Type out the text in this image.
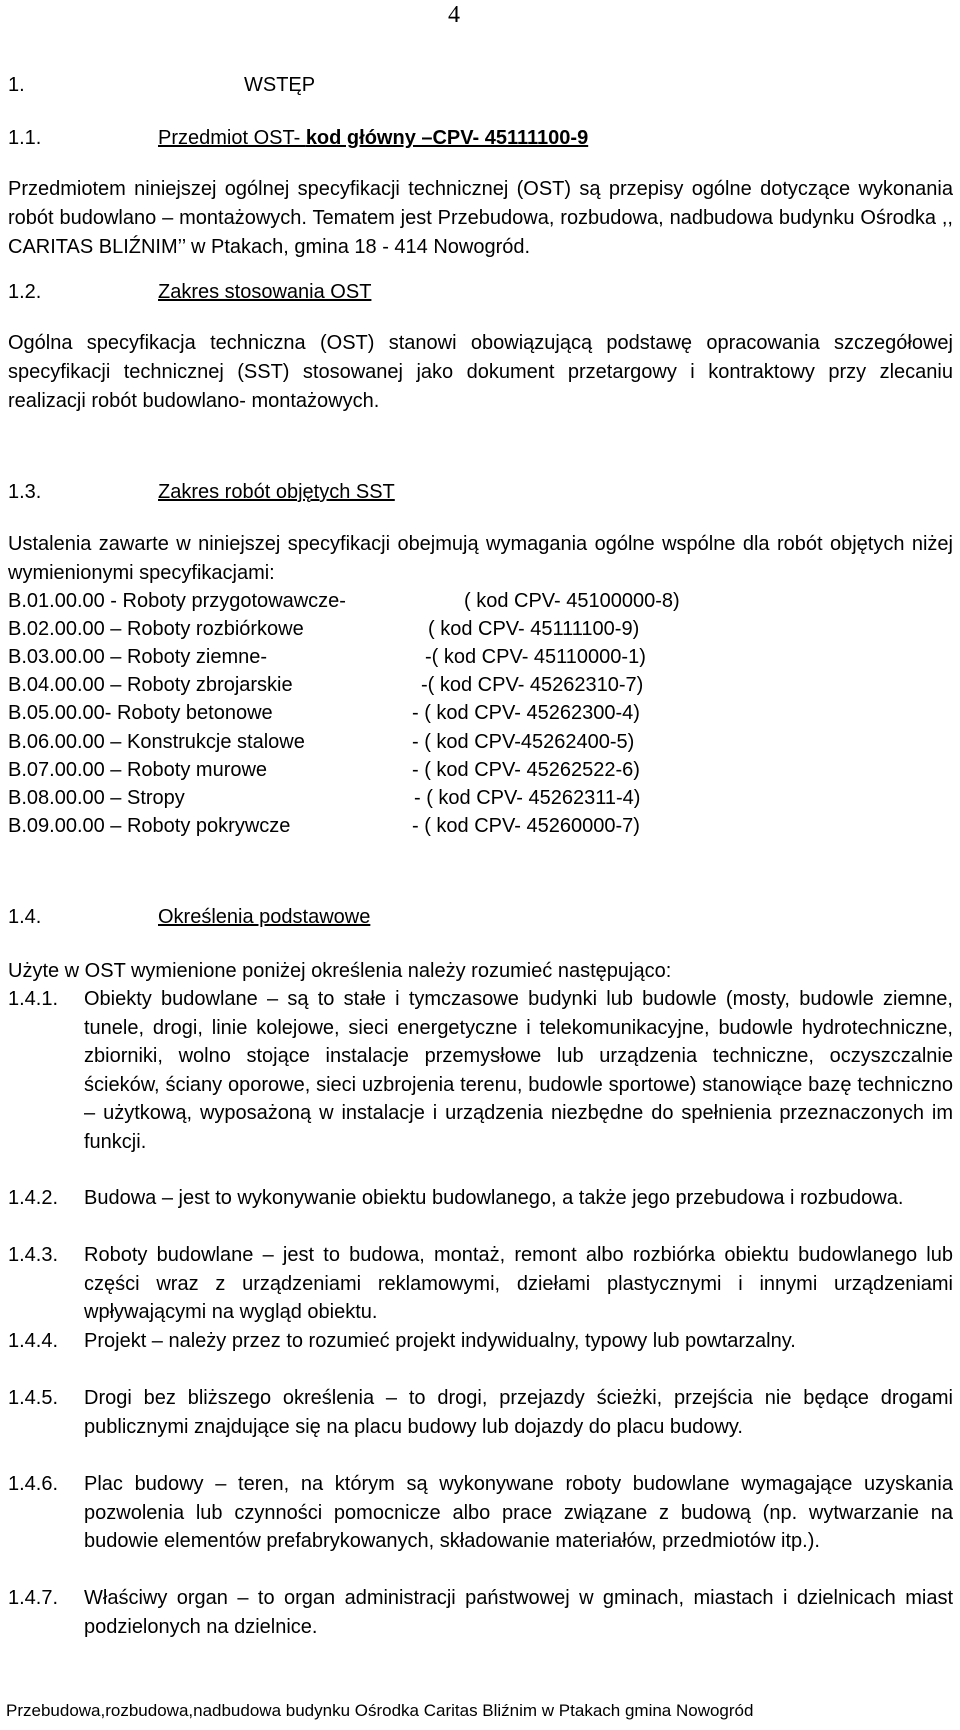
4
1.	WSTĘP
1.1.	Przedmiot OST- kod główny –CPV- 45111100-9
Przedmiotem niniejszej ogólnej specyfikacji technicznej (OST) są przepisy ogólne dotyczące wykonania robót budowlano – montażowych. Tematem jest Przebudowa, rozbudowa, nadbudowa budynku Ośrodka ,, CARITAS BLIŹNIM’’ w Ptakach, gmina 18 - 414 Nowogród.
1.2.	Zakres stosowania OST
Ogólna specyfikacja techniczna (OST) stanowi obowiązującą podstawę opracowania szczegółowej specyfikacji technicznej (SST) stosowanej jako dokument przetargowy i kontraktowy przy zlecaniu realizacji robót budowlano- montażowych.
1.3.	Zakres robót objętych SST
Ustalenia zawarte w niniejszej specyfikacji obejmują wymagania ogólne wspólne dla robót objętych niżej wymienionymi specyfikacjami:
B.01.00.00 - Roboty przygotowawcze-	( kod CPV- 45100000-8)
B.02.00.00 – Roboty rozbiórkowe	( kod CPV- 45111100-9)
B.03.00.00 – Roboty ziemne-	-( kod CPV- 45110000-1)
B.04.00.00 – Roboty zbrojarskie	-( kod CPV- 45262310-7)
B.05.00.00- Roboty betonowe	- ( kod CPV- 45262300-4)
B.06.00.00 – Konstrukcje stalowe	- ( kod CPV-45262400-5)
B.07.00.00 – Roboty murowe	- ( kod CPV- 45262522-6)
B.08.00.00 – Stropy	- ( kod CPV- 45262311-4)
B.09.00.00 – Roboty pokrywcze	- ( kod CPV- 45260000-7)
1.4.	Określenia podstawowe
Użyte w OST wymienione poniżej określenia należy rozumieć następująco:
1.4.1. Obiekty budowlane – są to stałe i tymczasowe budynki lub budowle (mosty, budowle ziemne, tunele, drogi, linie kolejowe, sieci energetyczne i telekomunikacyjne, budowle hydrotechniczne, zbiorniki, wolno stojące instalacje przemysłowe lub urządzenia techniczne, oczyszczalnie ścieków, ściany oporowe, sieci uzbrojenia terenu, budowle sportowe) stanowiące bazę techniczno – użytkową, wyposażoną w instalacje i urządzenia niezbędne do spełnienia przeznaczonych im funkcji.
1.4.2. Budowa – jest to wykonywanie obiektu budowlanego, a także jego przebudowa i rozbudowa.
1.4.3. Roboty budowlane – jest to budowa, montaż, remont albo rozbiórka obiektu budowlanego lub części wraz z urządzeniami reklamowymi, dziełami plastycznymi i innymi urządzeniami wpływającymi na wygląd obiektu.
1.4.4. Projekt – należy przez to rozumieć projekt indywidualny, typowy lub powtarzalny.
1.4.5. Drogi bez bliższego określenia – to drogi, przejazdy ścieżki, przejścia nie będące drogami publicznymi znajdujące się na placu budowy lub dojazdy do placu budowy.
1.4.6. Plac budowy – teren, na którym są wykonywane roboty budowlane wymagające uzyskania pozwolenia lub czynności pomocnicze albo prace związane z budową (np. wytwarzanie na budowie elementów prefabrykowanych, składowanie materiałów, przedmiotów itp.).
1.4.7. Właściwy organ – to organ administracji państwowej w gminach, miastach i dzielnicach miast podzielonych na dzielnice.
Przebudowa,rozbudowa,nadbudowa budynku Ośrodka Caritas Bliźnim w Ptakach gmina Nowogród
